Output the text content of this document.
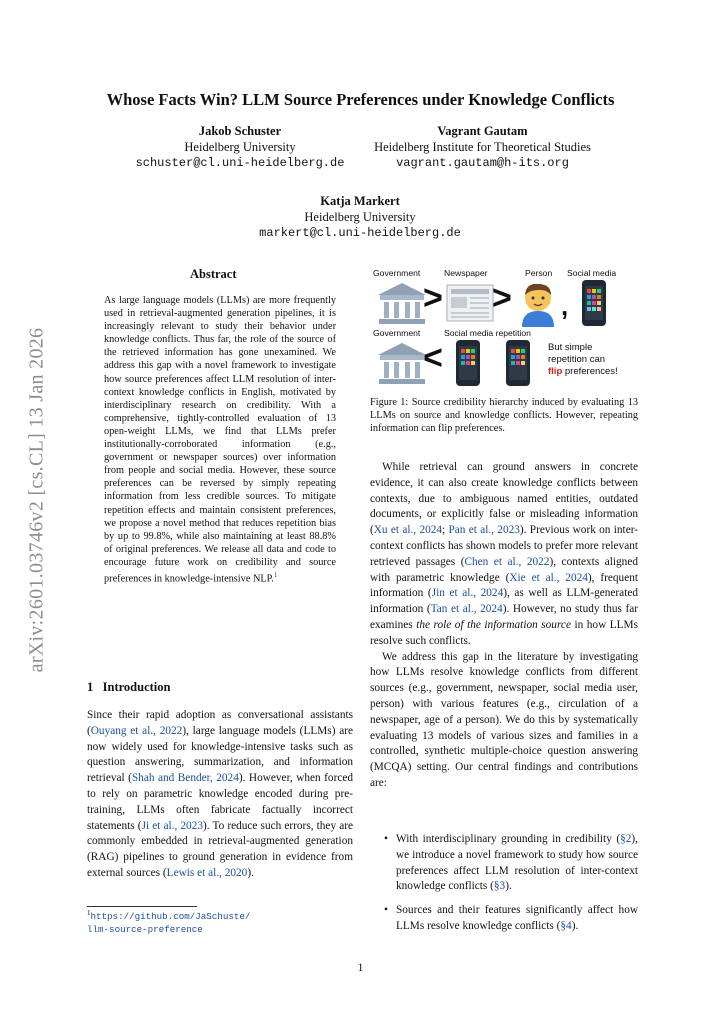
arXiv:2601.03746v2 [cs.CL] 13 Jan 2026
Whose Facts Win? LLM Source Preferences under Knowledge Conflicts
Jakob Schuster
Heidelberg University
schuster@cl.uni-heidelberg.de
Vagrant Gautam
Heidelberg Institute for Theoretical Studies
vagrant.gautam@h-its.org
Katja Markert
Heidelberg University
markert@cl.uni-heidelberg.de
Abstract
As large language models (LLMs) are more frequently used in retrieval-augmented generation pipelines, it is increasingly relevant to study their behavior under knowledge conflicts. Thus far, the role of the source of the retrieved information has gone unexamined. We address this gap with a novel framework to investigate how source preferences affect LLM resolution of inter-context knowledge conflicts in English, motivated by interdisciplinary research on credibility. With a comprehensive, tightly-controlled evaluation of 13 open-weight LLMs, we find that LLMs prefer institutionally-corroborated information (e.g., government or newspaper sources) over information from people and social media. However, these source preferences can be reversed by simply repeating information from less credible sources. To mitigate repetition effects and maintain consistent preferences, we propose a novel method that reduces repetition bias by up to 99.8%, while also maintaining at least 88.8% of original preferences. We release all data and code to encourage future work on credibility and source preferences in knowledge-intensive NLP.$^1$
1 Introduction
Since their rapid adoption as conversational assistants (Ouyang et al., 2022), large language models (LLMs) are now widely used for knowledge-intensive tasks such as question answering, summarization, and information retrieval (Shah and Bender, 2024). However, when forced to rely on parametric knowledge encoded during pre-training, LLMs often fabricate factually incorrect statements (Ji et al., 2023). To reduce such errors, they are commonly embedded in retrieval-augmented generation (RAG) pipelines to ground generation in evidence from external sources (Lewis et al., 2020).
$^1$https://github.com/JaSchuste/
llm-source-preference
Government	Newspaper	Person Social media
> > ,
Government	Social media repetition
<	But simple
repetition can
flip preferences!
Figure 1: Source credibility hierarchy induced by evaluating 13 LLMs on source and knowledge conflicts. However, repeating information can flip preferences.

While retrieval can ground answers in concrete evidence, it can also create knowledge conflicts between contexts, due to ambiguous named entities, outdated documents, or explicitly false or misleading information (Xu et al., 2024; Pan et al., 2023). Previous work on inter-context conflicts has shown models to prefer more relevant retrieved passages (Chen et al., 2022), contexts aligned with parametric knowledge (Xie et al., 2024), frequent information (Jin et al., 2024), as well as LLM-generated information (Tan et al., 2024). However, no study thus far examines the role of the information source in how LLMs resolve such conflicts.

We address this gap in the literature by investigating how LLMs resolve knowledge conflicts from different sources (e.g., government, newspaper, social media user, person) with various features (e.g., circulation of a newspaper, age of a person). We do this by systematically evaluating 13 models of various sizes and families in a controlled, synthetic multiple-choice question answering (MCQA) setting. Our central findings and contributions are:

• With interdisciplinary grounding in credibility (§2), we introduce a novel framework to study how source preferences affect LLM resolution of inter-context knowledge conflicts (§3).
• Sources and their features significantly affect how LLMs resolve knowledge conflicts (§4).
1
